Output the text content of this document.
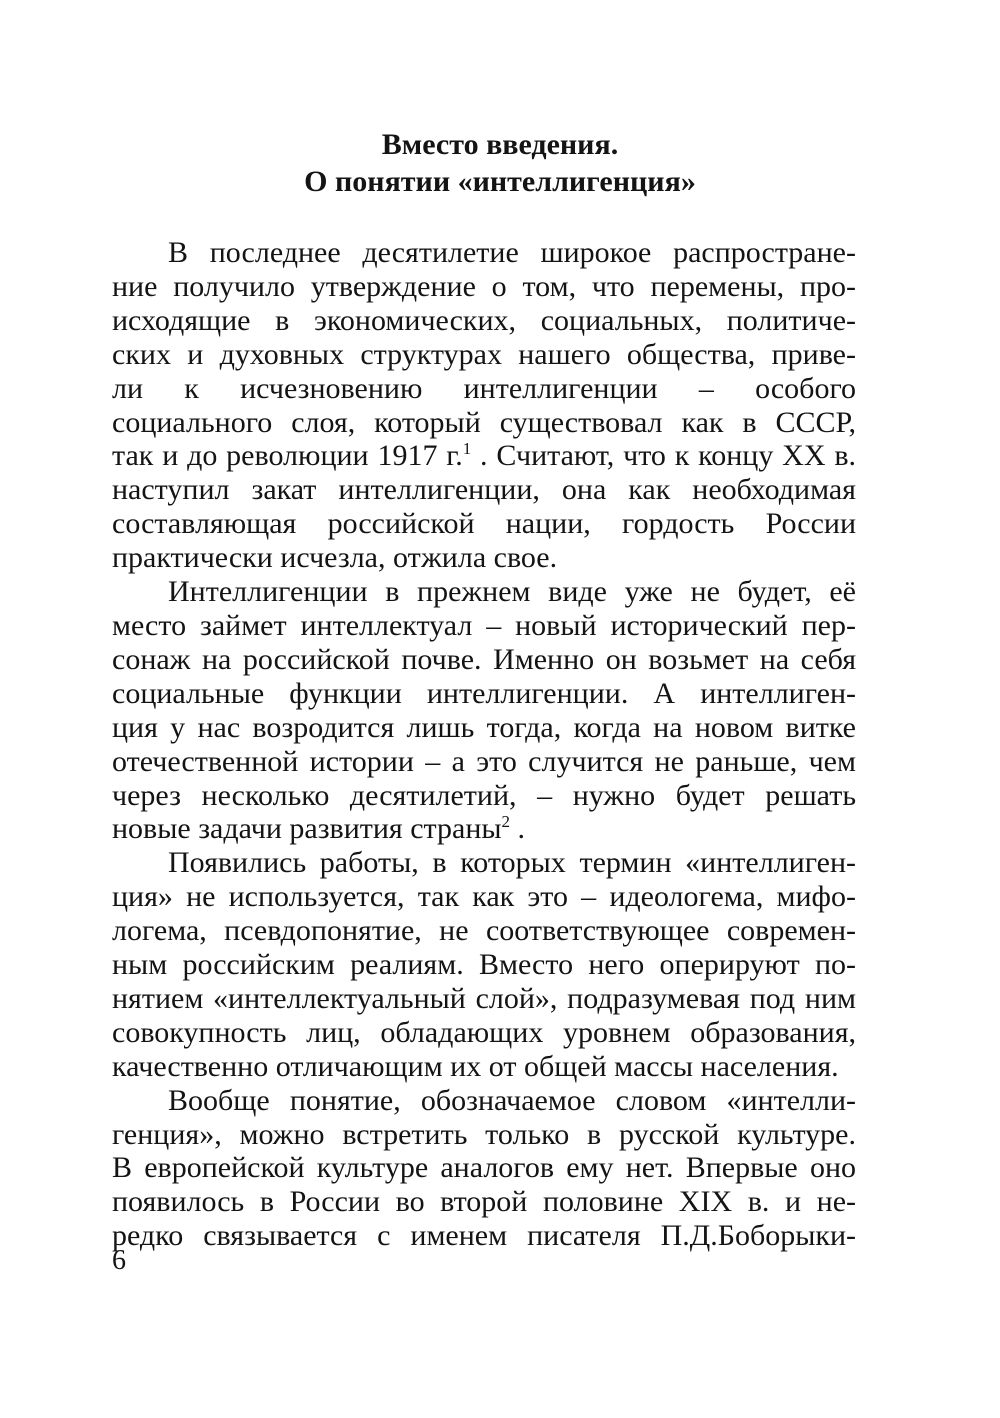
Вместо введения.
О понятии «интеллигенция»
В последнее десятилетие широкое распростране-
ние получило утверждение о том, что перемены, про-
исходящие в экономических, социальных, политиче-
ских и духовных структурах нашего общества, приве-
ли к исчезновению интеллигенции – особого
социального слоя, который существовал как в СССР,
так и до революции 1917 г.$^1$ . Считают, что к концу XX в.
наступил закат интеллигенции, она как необходимая
составляющая российской нации, гордость России
практически исчезла, отжила свое.
Интеллигенции в прежнем виде уже не будет, её
место займет интеллектуал – новый исторический пер-
сонаж на российской почве. Именно он возьмет на себя
социальные функции интеллигенции. А интеллиген-
ция у нас возродится лишь тогда, когда на новом витке
отечественной истории – а это случится не раньше, чем
через несколько десятилетий, – нужно будет решать
новые задачи развития страны$^2$ .
Появились работы, в которых термин «интеллиген-
ция» не используется, так как это – идеологема, мифо-
логема, псевдопонятие, не соответствующее современ-
ным российским реалиям. Вместо него оперируют по-
нятием «интеллектуальный слой», подразумевая под ним
совокупность лиц, обладающих уровнем образования,
качественно отличающим их от общей массы населения.
Вообще понятие, обозначаемое словом «интелли-
генция», можно встретить только в русской культуре.
В европейской культуре аналогов ему нет. Впервые оно
появилось в России во второй половине XIX в. и не-
редко связывается с именем писателя П.Д.Боборыки-
6
